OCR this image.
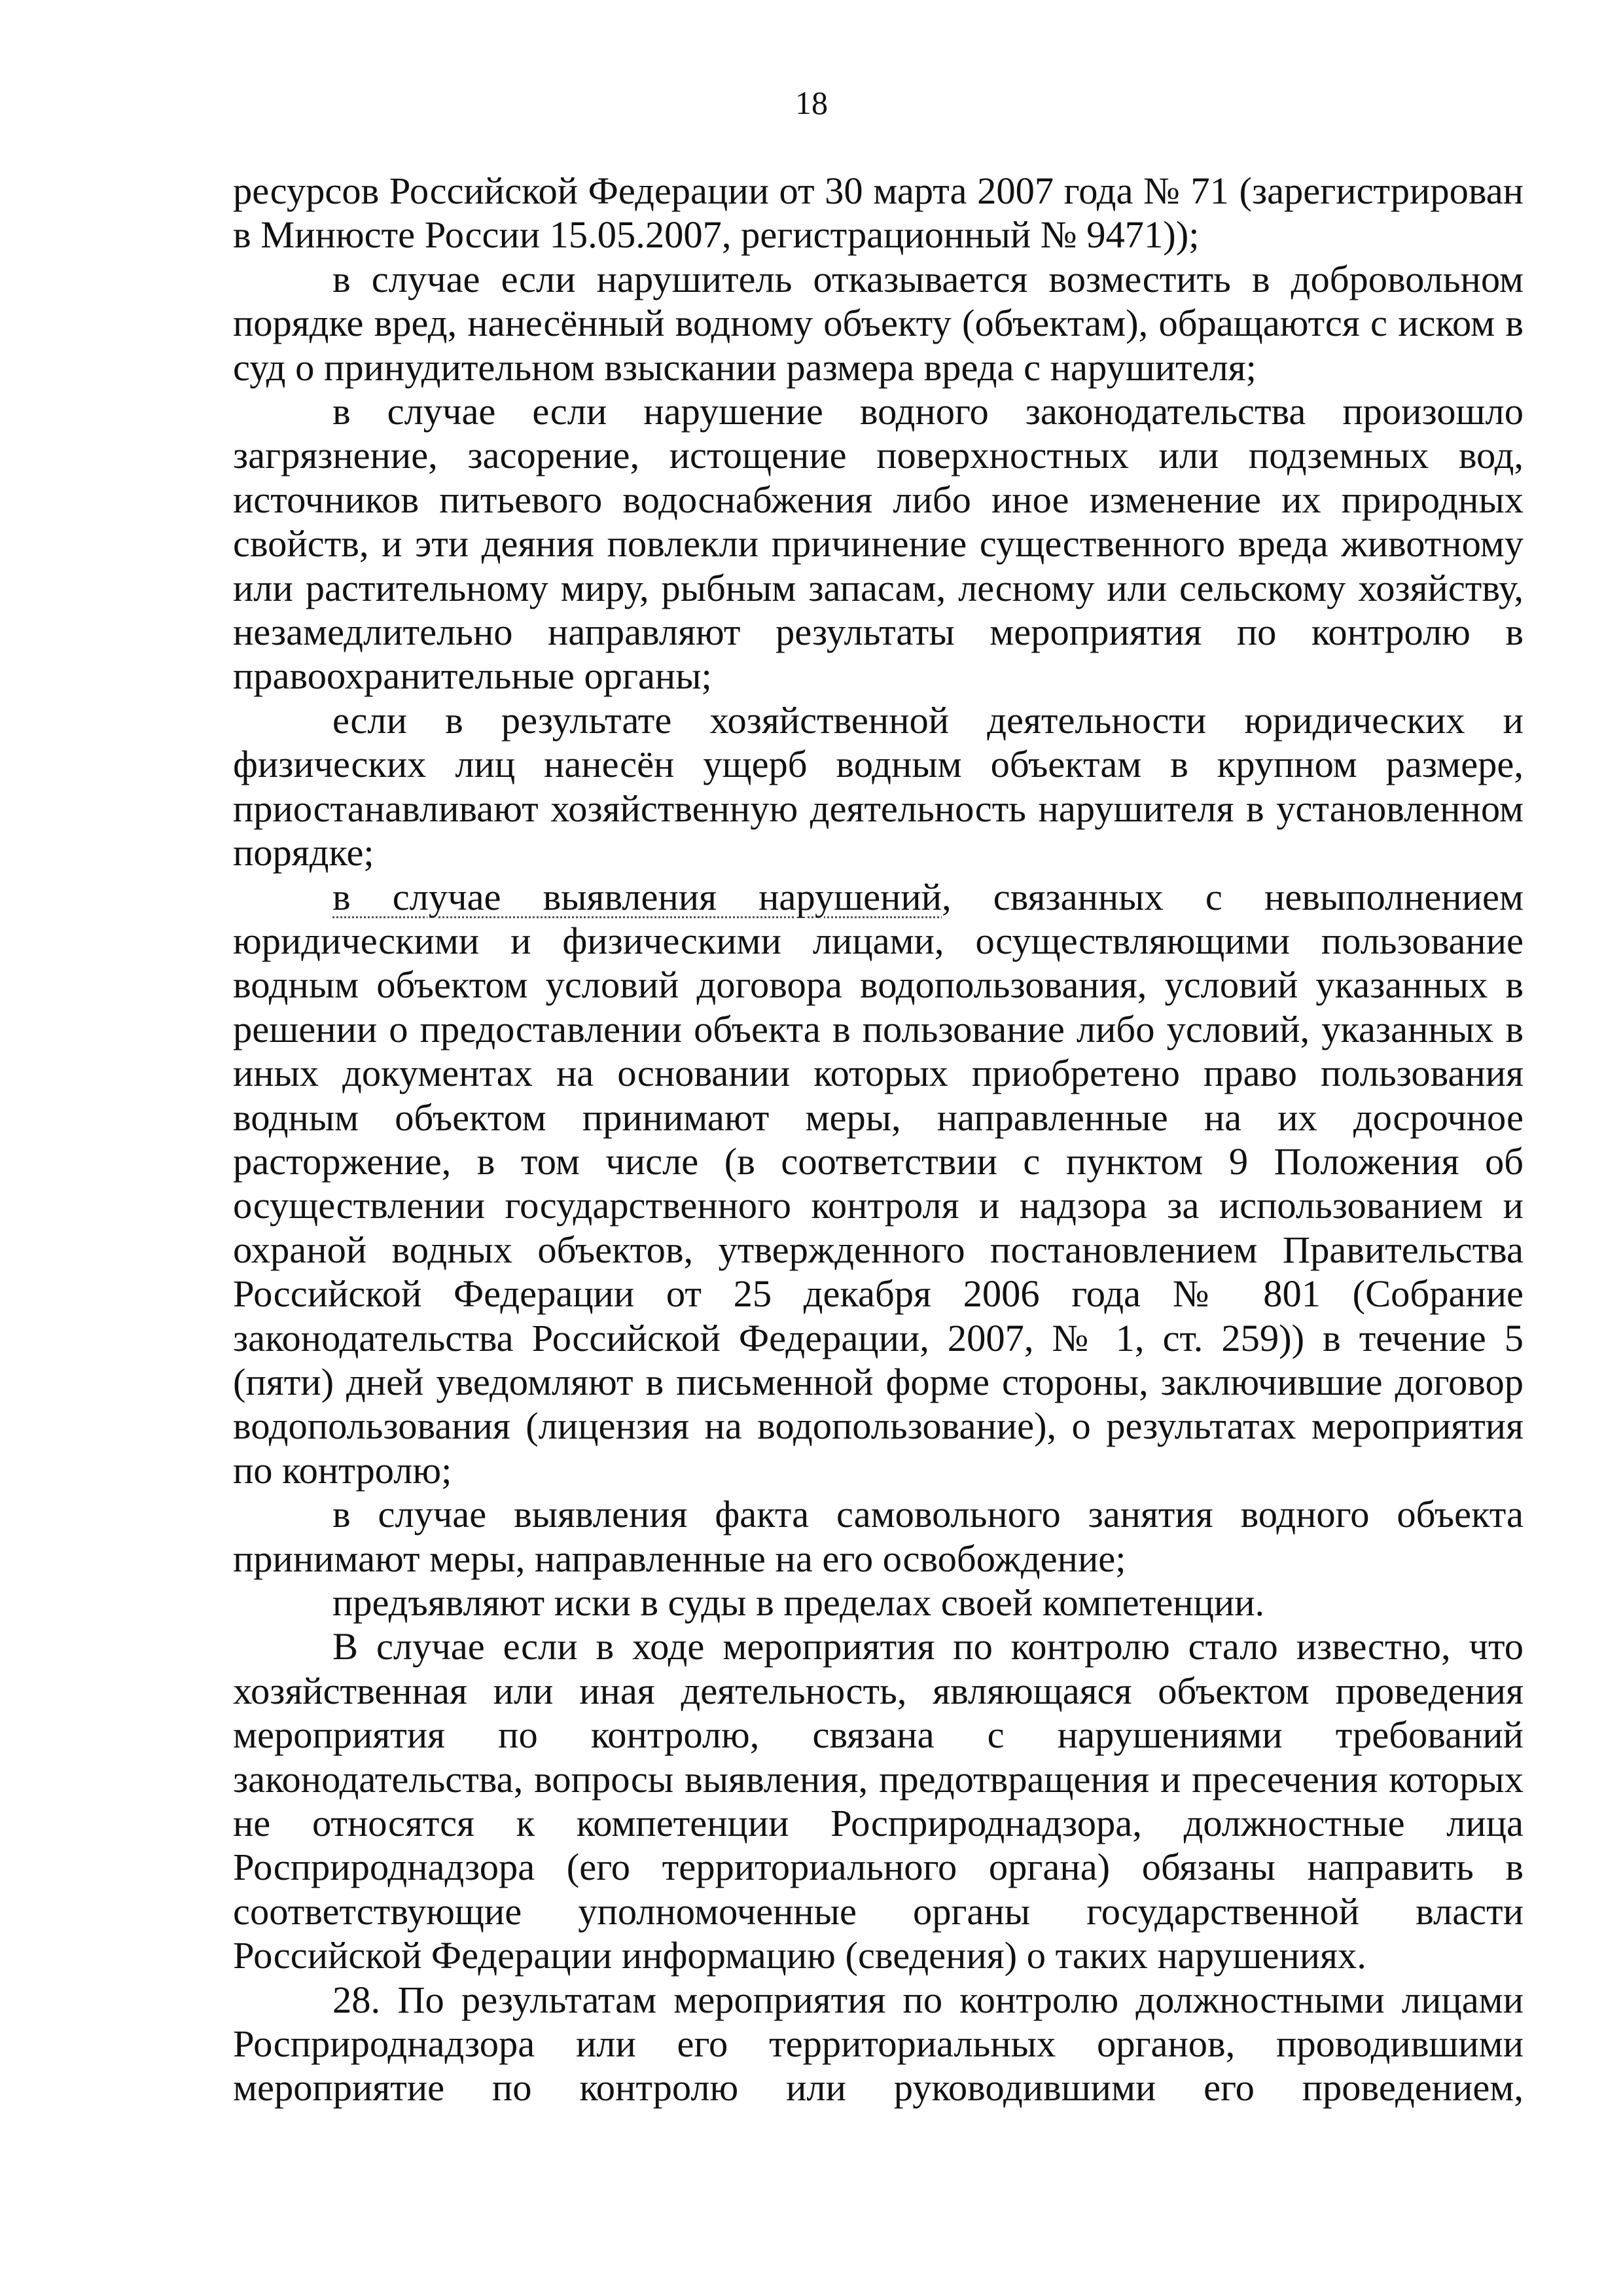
18

ресурсов Российской Федерации от 30 марта 2007 года № 71 (зарегистрирован в Минюсте России 15.05.2007, регистрационный № 9471));

в случае если нарушитель отказывается возместить в добровольном порядке вред, нанесённый водному объекту (объектам), обращаются с иском в суд о принудительном взыскании размера вреда с нарушителя;

в случае если нарушение водного законодательства произошло загрязнение, засорение, истощение поверхностных или подземных вод, источников питьевого водоснабжения либо иное изменение их природных свойств, и эти деяния повлекли причинение существенного вреда животному или растительному миру, рыбным запасам, лесному или сельскому хозяйству, незамедлительно направляют результаты мероприятия по контролю в правоохранительные органы;

если в результате хозяйственной деятельности юридических и физических лиц нанесён ущерб водным объектам в крупном размере, приостанавливают хозяйственную деятельность нарушителя в установленном порядке;

в случае выявления нарушений, связанных с невыполнением юридическими и физическими лицами, осуществляющими пользование водным объектом условий договора водопользования, условий указанных в решении о предоставлении объекта в пользование либо условий, указанных в иных документах на основании которых приобретено право пользования водным объектом принимают меры, направленные на их досрочное расторжение, в том числе (в соответствии с пунктом 9 Положения об осуществлении государственного контроля и надзора за использованием и охраной водных объектов, утвержденного постановлением Правительства Российской Федерации от 25 декабря 2006 года № 801 (Собрание законодательства Российской Федерации, 2007, № 1, ст. 259)) в течение 5 (пяти) дней уведомляют в письменной форме стороны, заключившие договор водопользования (лицензия на водопользование), о результатах мероприятия по контролю;

в случае выявления факта самовольного занятия водного объекта принимают меры, направленные на его освобождение;

предъявляют иски в суды в пределах своей компетенции.

В случае если в ходе мероприятия по контролю стало известно, что хозяйственная или иная деятельность, являющаяся объектом проведения мероприятия по контролю, связана с нарушениями требований законодательства, вопросы выявления, предотвращения и пресечения которых не относятся к компетенции Росприроднадзора, должностные лица Росприроднадзора (его территориального органа) обязаны направить в соответствующие уполномоченные органы государственной власти Российской Федерации информацию (сведения) о таких нарушениях.

28. По результатам мероприятия по контролю должностными лицами Росприроднадзора или его территориальных органов, проводившими мероприятие по контролю или руководившими его проведением,
